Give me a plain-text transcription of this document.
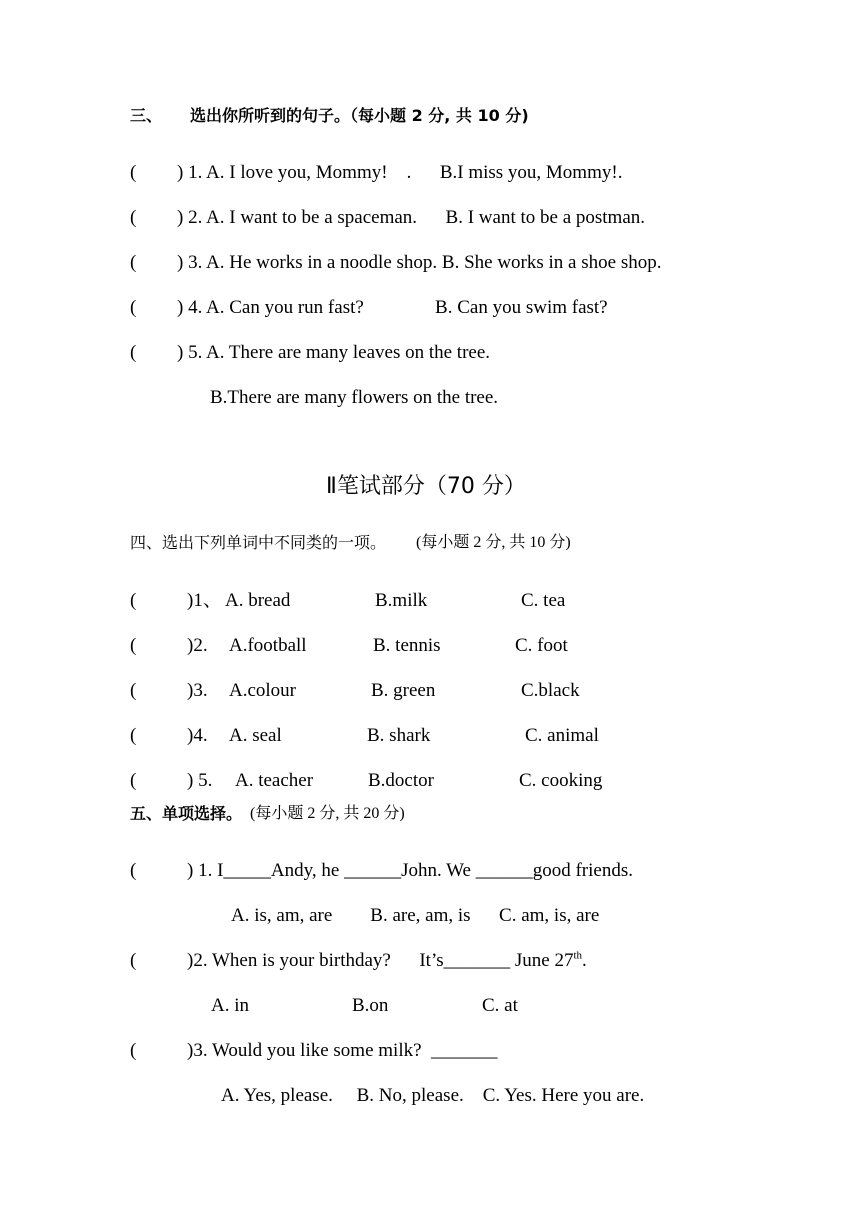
三、 选出你所听到的句子。（每小题 2 分, 共 10 分)
( ) 1. A. I love you, Mommy!    .      B.I miss you, Mommy!.
( ) 2. A. I want to be a spaceman.      B. I want to be a postman.
( ) 3. A. He works in a noodle shop. B. She works in a shoe shop.
( ) 4. A. Can you run fast?               B. Can you swim fast?
( ) 5. A. There are many leaves on the tree.
B.There are many flowers on the tree.
Ⅱ笔试部分（70 分）
四、选出下列单词中不同类的一项。 (每小题 2 分, 共 10 分)
(	)1、 A. bread	B.milk	C. tea
(	)2. A.football	B. tennis	C. foot
(	)3. A.colour	B. green	C.black
(	)4. A. seal	B. shark	C. animal
(	) 5. A. teacher	B.doctor	C. cooking
五、单项选择。 (每小题 2 分, 共 20 分)
(	) 1. I_____Andy, he ______John. We ______good friends.
A. is, am, are        B. are, am, is      C. am, is, are
(	)2. When is your birthday?      It’s_______ June 27th.
A. in	B.on	C. at
(	)3. Would you like some milk?  _______
A. Yes, please.     B. No, please.    C. Yes. Here you are.
